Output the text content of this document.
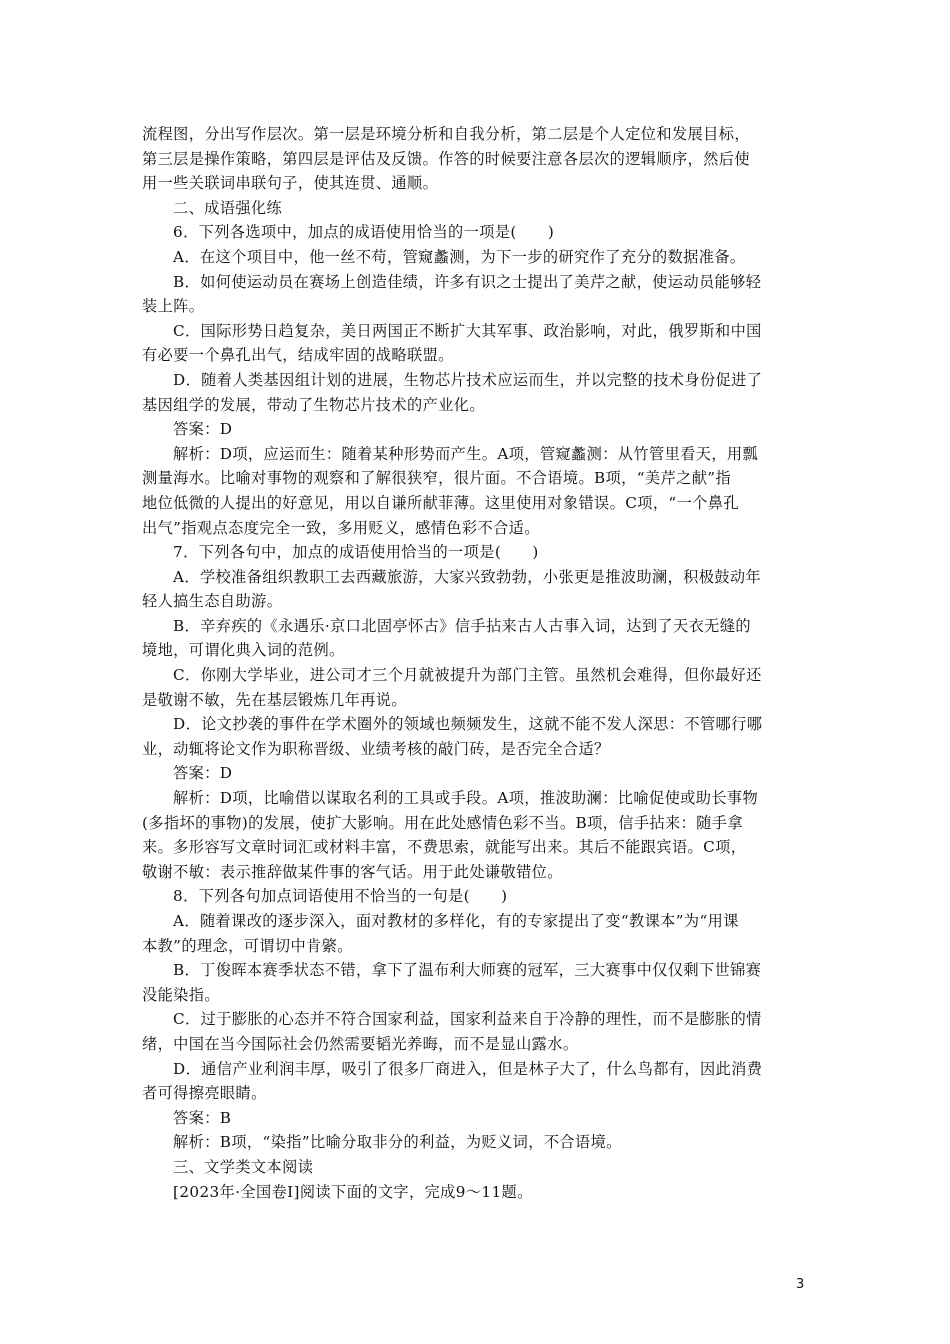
流程图，分出写作层次。第一层是环境分析和自我分析，第二层是个人定位和发展目标，
第三层是操作策略，第四层是评估及反馈。作答的时候要注意各层次的逻辑顺序，然后使
用一些关联词串联句子，使其连贯、通顺。
二、成语强化练
6．下列各选项中，加点的成语使用恰当的一项是(　　)
A．在这个项目中，他一丝不苟，管窥蠡测，为下一步的研究作了充分的数据准备。
B．如何使运动员在赛场上创造佳绩，许多有识之士提出了美芹之献，使运动员能够轻
装上阵。
C．国际形势日趋复杂，美日两国正不断扩大其军事、政治影响，对此，俄罗斯和中国
有必要一个鼻孔出气，结成牢固的战略联盟。
D．随着人类基因组计划的进展，生物芯片技术应运而生，并以完整的技术身份促进了
基因组学的发展，带动了生物芯片技术的产业化。
答案：D
解析：D项，应运而生：随着某种形势而产生。A项，管窥蠡测：从竹管里看天，用瓢
测量海水。比喻对事物的观察和了解很狭窄，很片面。不合语境。B项，“美芹之献”指
地位低微的人提出的好意见，用以自谦所献菲薄。这里使用对象错误。C项，“一个鼻孔
出气”指观点态度完全一致，多用贬义，感情色彩不合适。
7．下列各句中，加点的成语使用恰当的一项是(　　)
A．学校准备组织教职工去西藏旅游，大家兴致勃勃，小张更是推波助澜，积极鼓动年
轻人搞生态自助游。
B．辛弃疾的《永遇乐·京口北固亭怀古》信手拈来古人古事入词，达到了天衣无缝的
境地，可谓化典入词的范例。
C．你刚大学毕业，进公司才三个月就被提升为部门主管。虽然机会难得，但你最好还
是敬谢不敏，先在基层锻炼几年再说。
D．论文抄袭的事件在学术圈外的领域也频频发生，这就不能不发人深思：不管哪行哪
业，动辄将论文作为职称晋级、业绩考核的敲门砖，是否完全合适？
答案：D
解析：D项，比喻借以谋取名利的工具或手段。A项，推波助澜：比喻促使或助长事物
(多指坏的事物)的发展，使扩大影响。用在此处感情色彩不当。B项，信手拈来：随手拿
来。多形容写文章时词汇或材料丰富，不费思索，就能写出来。其后不能跟宾语。C项，
敬谢不敏：表示推辞做某件事的客气话。用于此处谦敬错位。
8．下列各句加点词语使用不恰当的一句是(　　)
A．随着课改的逐步深入，面对教材的多样化，有的专家提出了变“教课本”为“用课
本教”的理念，可谓切中肯綮。
B．丁俊晖本赛季状态不错，拿下了温布利大师赛的冠军，三大赛事中仅仅剩下世锦赛
没能染指。
C．过于膨胀的心态并不符合国家利益，国家利益来自于冷静的理性，而不是膨胀的情
绪，中国在当今国际社会仍然需要韬光养晦，而不是显山露水。
D．通信产业利润丰厚，吸引了很多厂商进入，但是林子大了，什么鸟都有，因此消费
者可得擦亮眼睛。
答案：B
解析：B项，“染指”比喻分取非分的利益，为贬义词，不合语境。
三、文学类文本阅读
[2023年·全国卷Ⅰ]阅读下面的文字，完成9～11题。
3
